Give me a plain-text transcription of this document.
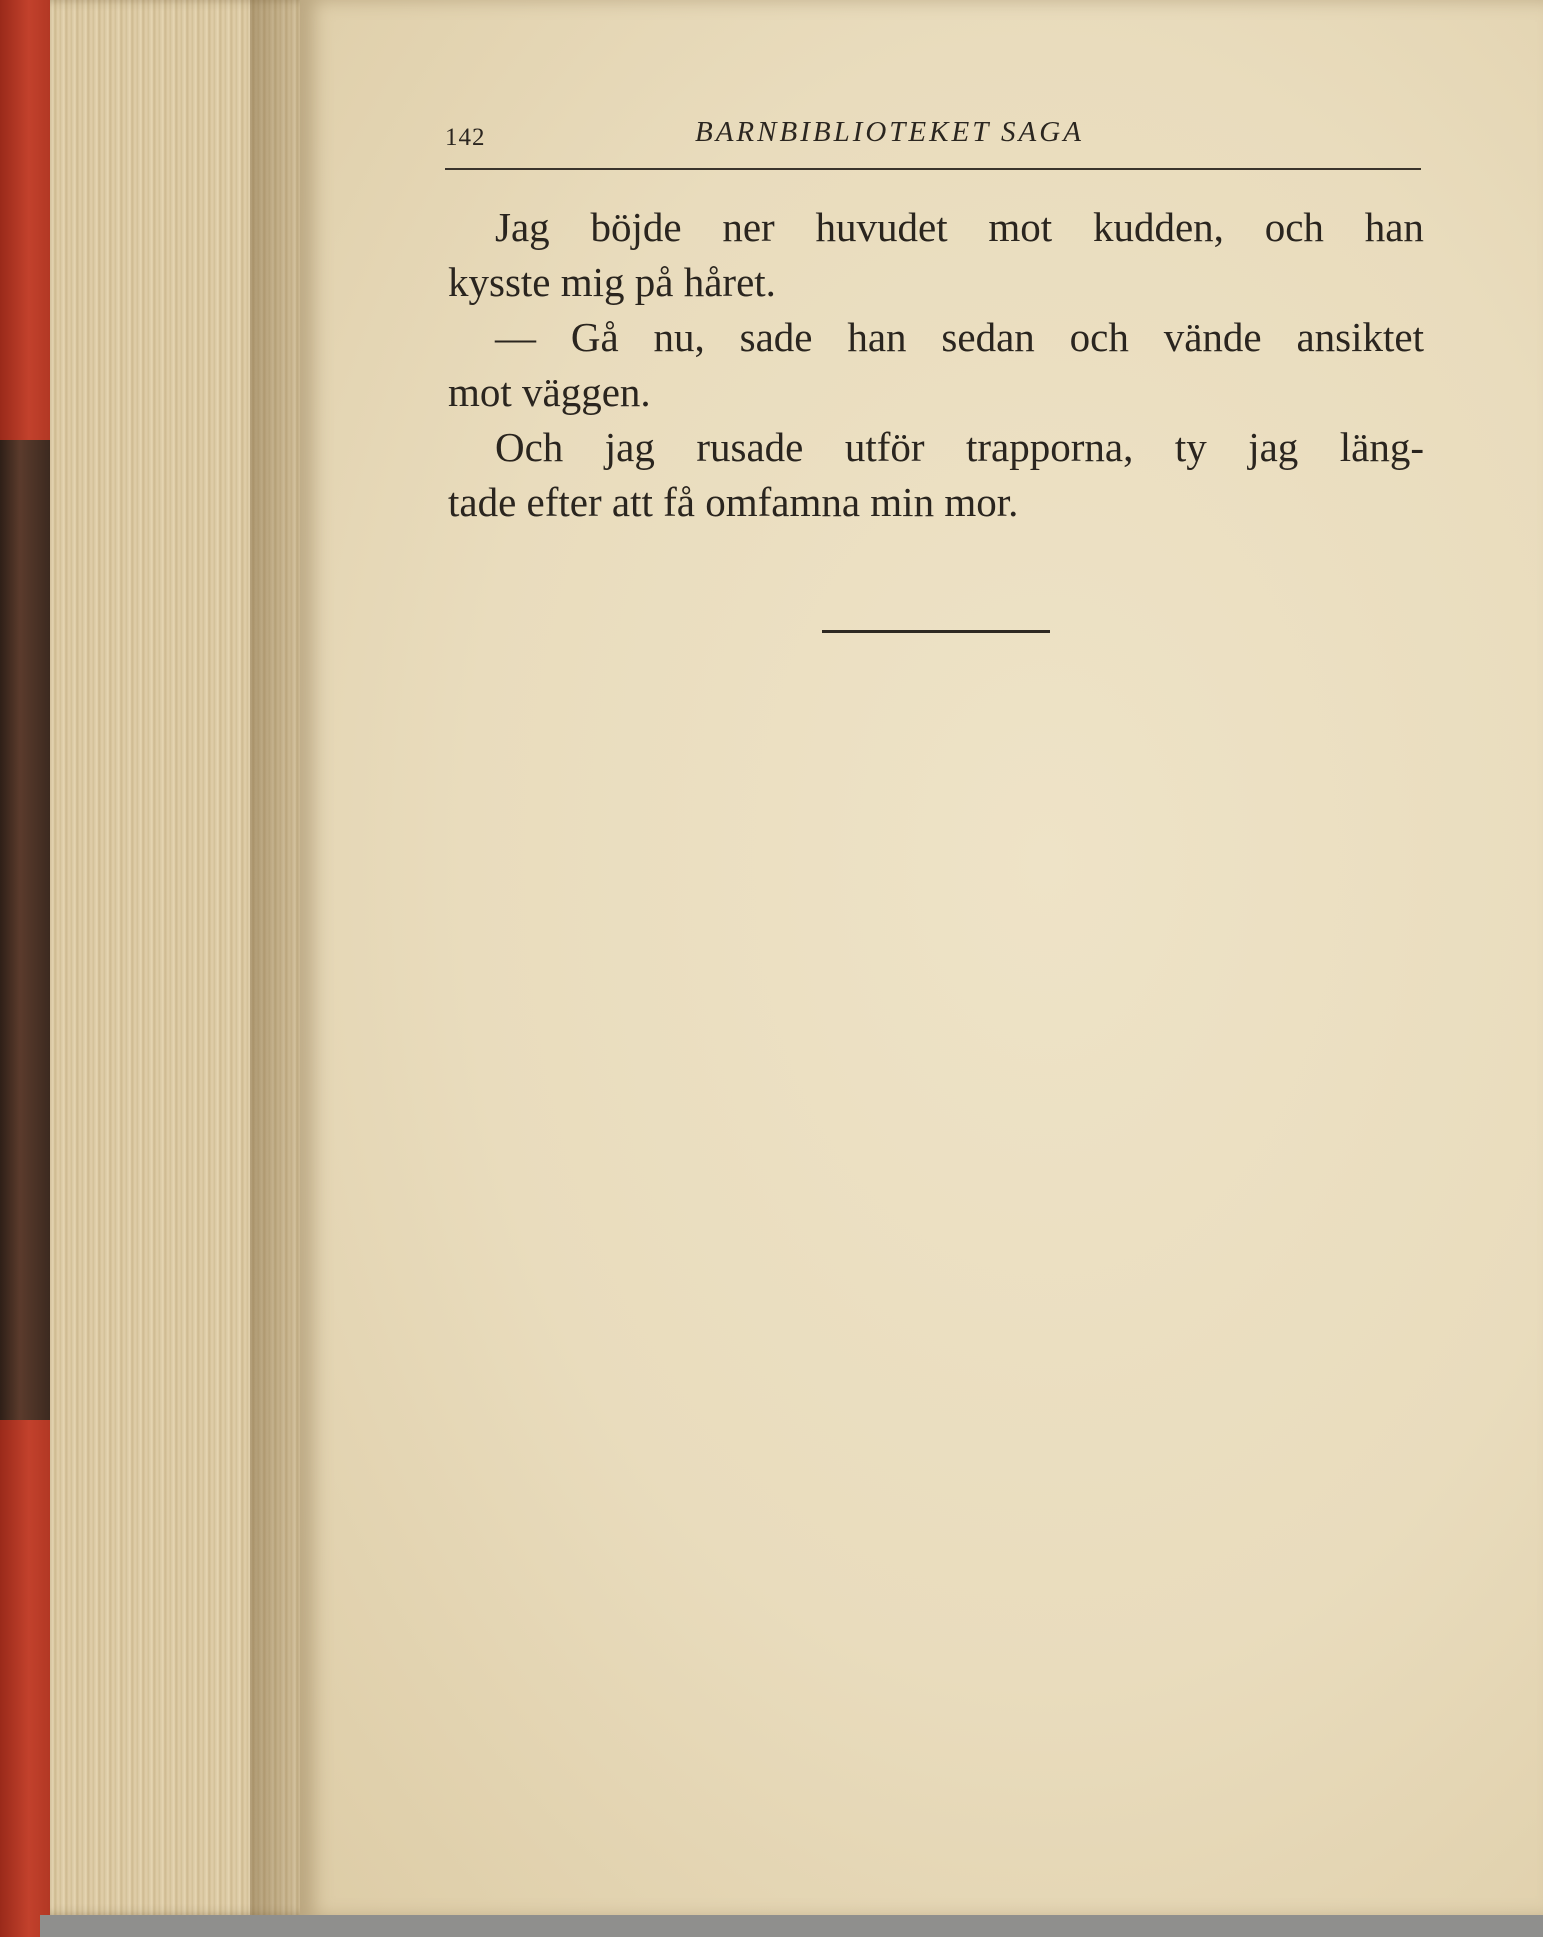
142	BARNBIBLIOTEKET SAGA
Jag böjde ner huvudet mot kudden, och han
kysste mig på håret.
— Gå nu, sade han sedan och vände ansiktet
mot väggen.
Och jag rusade utför trapporna, ty jag läng-
tade efter att få omfamna min mor.
